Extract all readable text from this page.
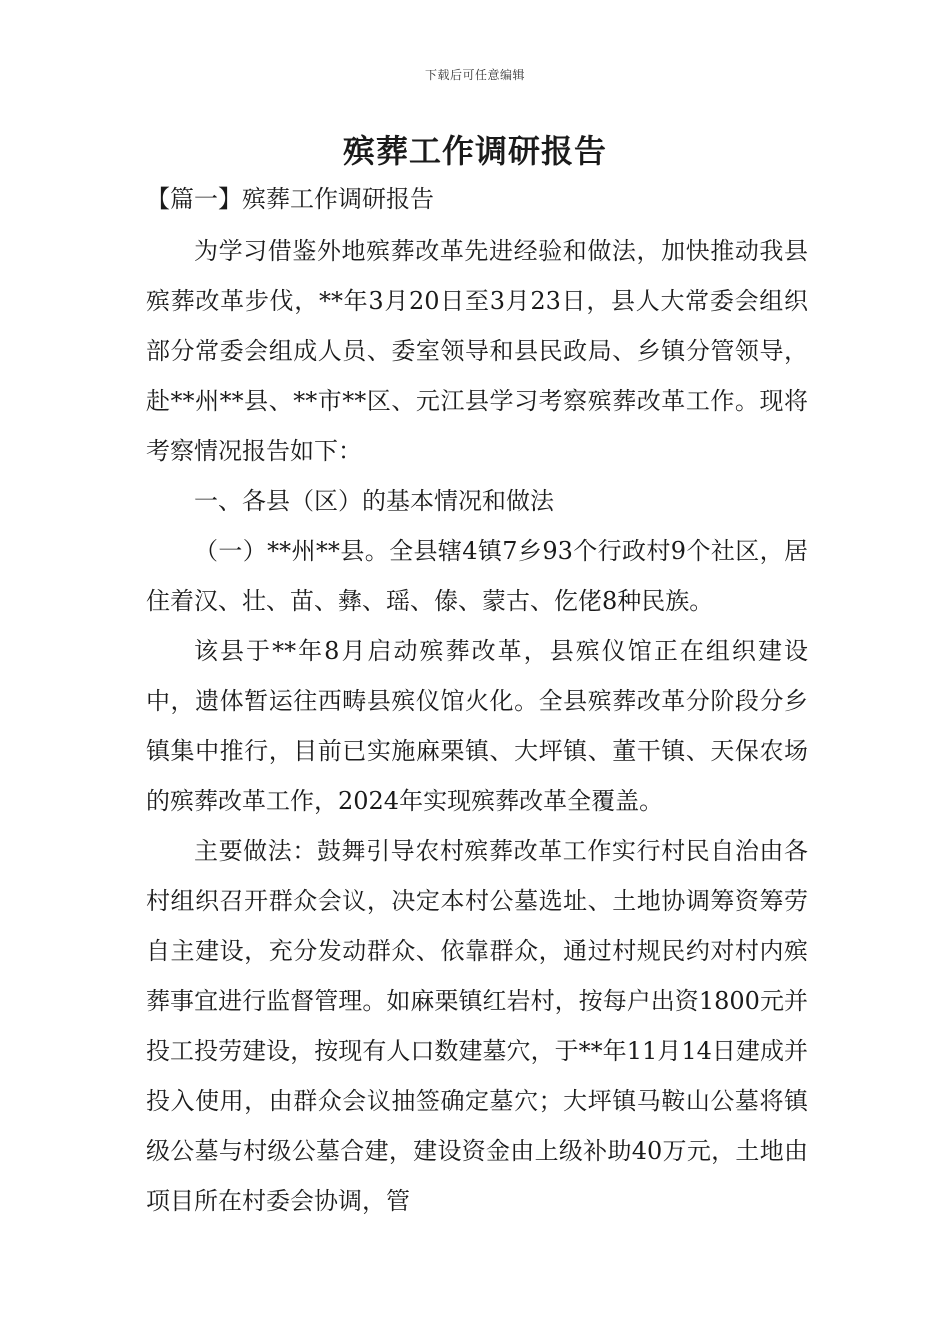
下载后可任意编辑
殡葬工作调研报告

【篇一】殡葬工作调研报告

为学习借鉴外地殡葬改革先进经验和做法，加快推动我县殡葬改革步伐，**年3月20日至3月23日，县人大常委会组织部分常委会组成人员、委室领导和县民政局、乡镇分管领导，赴**州**县、**市**区、元江县学习考察殡葬改革工作。现将考察情况报告如下：

一、各县（区）的基本情况和做法

（一）**州**县。全县辖4镇7乡93个行政村9个社区，居住着汉、壮、苗、彝、瑶、傣、蒙古、仡佬8种民族。

该县于**年8月启动殡葬改革，县殡仪馆正在组织建设中，遗体暂运往西畴县殡仪馆火化。全县殡葬改革分阶段分乡镇集中推行，目前已实施麻栗镇、大坪镇、董干镇、天保农场的殡葬改革工作，2024年实现殡葬改革全覆盖。

主要做法：鼓舞引导农村殡葬改革工作实行村民自治由各村组织召开群众会议，决定本村公墓选址、土地协调筹资筹劳自主建设，充分发动群众、依靠群众，通过村规民约对村内殡葬事宜进行监督管理。如麻栗镇红岩村，按每户出资1800元并投工投劳建设，按现有人口数建墓穴，于**年11月14日建成并投入使用，由群众会议抽签确定墓穴；大坪镇马鞍山公墓将镇级公墓与村级公墓合建，建设资金由上级补助40万元，土地由项目所在村委会协调，管
